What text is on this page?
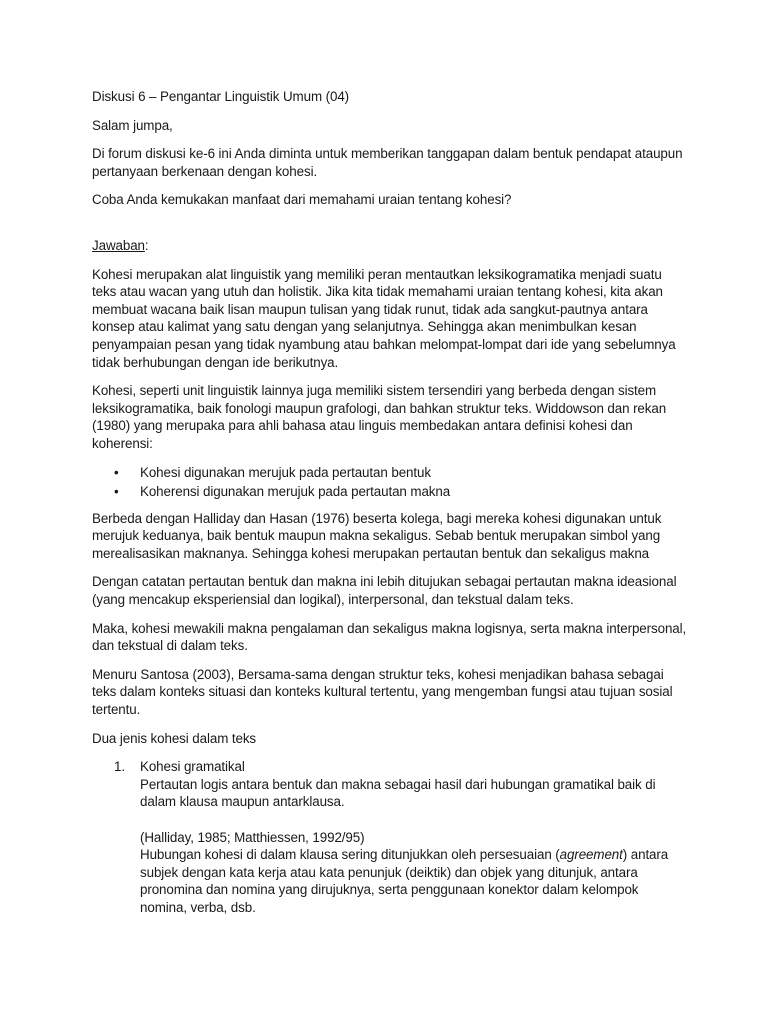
Diskusi 6 – Pengantar Linguistik Umum (04)

Salam jumpa,

Di forum diskusi ke-6 ini Anda diminta untuk memberikan tanggapan dalam bentuk pendapat ataupun pertanyaan berkenaan dengan kohesi.

Coba Anda kemukakan manfaat dari memahami uraian tentang kohesi?

Jawaban:

Kohesi merupakan alat linguistik yang memiliki peran mentautkan leksikogramatika menjadi suatu teks atau wacan yang utuh dan holistik. Jika kita tidak memahami uraian tentang kohesi, kita akan membuat wacana baik lisan maupun tulisan yang tidak runut, tidak ada sangkut-pautnya antara konsep atau kalimat yang satu dengan yang selanjutnya. Sehingga akan menimbulkan kesan penyampaian pesan yang tidak nyambung atau bahkan melompat-lompat dari ide yang sebelumnya tidak berhubungan dengan ide berikutnya.

Kohesi, seperti unit linguistik lainnya juga memiliki sistem tersendiri yang berbeda dengan sistem leksikogramatika, baik fonologi maupun grafologi, dan bahkan struktur teks. Widdowson dan rekan (1980) yang merupaka para ahli bahasa atau linguis membedakan antara definisi kohesi dan koherensi:

• Kohesi digunakan merujuk pada pertautan bentuk
• Koherensi digunakan merujuk pada pertautan makna

Berbeda dengan Halliday dan Hasan (1976) beserta kolega, bagi mereka kohesi digunakan untuk merujuk keduanya, baik bentuk maupun makna sekaligus. Sebab bentuk merupakan simbol yang merealisasikan maknanya. Sehingga kohesi merupakan pertautan bentuk dan sekaligus makna

Dengan catatan pertautan bentuk dan makna ini lebih ditujukan sebagai pertautan makna ideasional (yang mencakup eksperiensial dan logikal), interpersonal, dan tekstual dalam teks.

Maka, kohesi mewakili makna pengalaman dan sekaligus makna logisnya, serta makna interpersonal, dan tekstual di dalam teks.

Menuru Santosa (2003), Bersama-sama dengan struktur teks, kohesi menjadikan bahasa sebagai teks dalam konteks situasi dan konteks kultural tertentu, yang mengemban fungsi atau tujuan sosial tertentu.

Dua jenis kohesi dalam teks

1. Kohesi gramatikal
Pertautan logis antara bentuk dan makna sebagai hasil dari hubungan gramatikal baik di dalam klausa maupun antarklausa.
(Halliday, 1985; Matthiessen, 1992/95)
Hubungan kohesi di dalam klausa sering ditunjukkan oleh persesuaian (agreement) antara subjek dengan kata kerja atau kata penunjuk (deiktik) dan objek yang ditunjuk, antara pronomina dan nomina yang dirujuknya, serta penggunaan konektor dalam kelompok nomina, verba, dsb.
